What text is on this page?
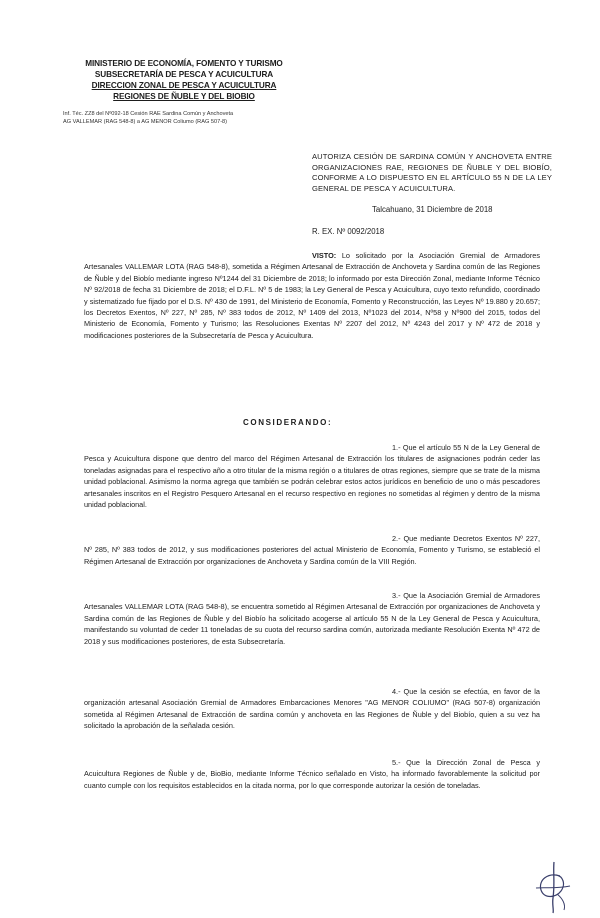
MINISTERIO DE ECONOMÍA, FOMENTO Y TURISMO
SUBSECRETARÍA DE PESCA Y ACUICULTURA
DIRECCION ZONAL DE PESCA Y ACUICULTURA
REGIONES DE ÑUBLE Y DEL BIOBIO
Inf. Téc. ZZ8 del Nº092-18 Cesión RAE Sardina Común y Anchoveta
AG VALLEMAR (RAG 548-8) a AG MENOR Coliumo (RAG 507-8)
AUTORIZA CESIÓN DE SARDINA COMÚN Y ANCHOVETA ENTRE ORGANIZACIONES RAE, REGIONES DE ÑUBLE Y DEL BIOBÍO, CONFORME A LO DISPUESTO EN EL ARTÍCULO 55 N DE LA LEY GENERAL DE PESCA Y ACUICULTURA.
Talcahuano, 31 Diciembre de 2018
R. EX. Nº 0092/2018
VISTO: Lo solicitado por la Asociación Gremial de Armadores Artesanales VALLEMAR LOTA (RAG 548-8), sometida a Régimen Artesanal de Extracción de Anchoveta y Sardina común de las Regiones de Ñuble y del Biobío mediante ingreso Nº1244 del 31 Diciembre de 2018; lo informado por esta Dirección Zonal, mediante Informe Técnico Nº 92/2018 de fecha 31 Diciembre de 2018; el D.F.L. Nº 5 de 1983; la Ley General de Pesca y Acuicultura, cuyo texto refundido, coordinado y sistematizado fue fijado por el D.S. Nº 430 de 1991, del Ministerio de Economía, Fomento y Reconstrucción, las Leyes Nº 19.880 y 20.657; los Decretos Exentos, Nº 227, Nº 285, Nº 383 todos de 2012, Nº 1409 del 2013, Nº1023 del 2014, Nº58 y Nº900 del 2015, todos del Ministerio de Economía, Fomento y Turismo; las Resoluciones Exentas Nº 2207 del 2012, Nº 4243 del 2017 y Nº 472 de 2018 y modificaciones posteriores de la Subsecretaría de Pesca y Acuicultura.
CONSIDERANDO:
1.- Que el artículo 55 N de la Ley General de Pesca y Acuicultura dispone que dentro del marco del Régimen Artesanal de Extracción los titulares de asignaciones podrán ceder las toneladas asignadas para el respectivo año a otro titular de la misma región o a titulares de otras regiones, siempre que se trate de la misma unidad poblacional. Asimismo la norma agrega que también se podrán celebrar estos actos jurídicos en beneficio de uno o más pescadores artesanales inscritos en el Registro Pesquero Artesanal en el recurso respectivo en regiones no sometidas al régimen y dentro de la misma unidad poblacional.
2.- Que mediante Decretos Exentos Nº 227, Nº 285, Nº 383 todos de 2012, y sus modificaciones posteriores del actual Ministerio de Economía, Fomento y Turismo, se estableció el Régimen Artesanal de Extracción por organizaciones de Anchoveta y Sardina común de la VIII Región.
3.- Que la Asociación Gremial de Armadores Artesanales VALLEMAR LOTA (RAG 548-8), se encuentra sometido al Régimen Artesanal de Extracción por organizaciones de Anchoveta y Sardina común de las Regiones de Ñuble y del Biobío ha solicitado acogerse al artículo 55 N de la Ley General de Pesca y Acuicultura, manifestando su voluntad de ceder 11 toneladas de su cuota del recurso sardina común, autorizada mediante Resolución Exenta Nº 472 de 2018 y sus modificaciones posteriores, de esta Subsecretaría.
4.- Que la cesión se efectúa, en favor de la organización artesanal Asociación Gremial de Armadores Embarcaciones Menores "AG MENOR COLIUMO" (RAG 507-8) organización sometida al Régimen Artesanal de Extracción de sardina común y anchoveta en las Regiones de Ñuble y del Biobío, quien a su vez ha solicitado la aprobación de la señalada cesión.
5.- Que la Dirección Zonal de Pesca y Acuicultura Regiones de Ñuble y de, BioBio, mediante Informe Técnico señalado en Visto, ha informado favorablemente la solicitud por cuanto cumple con los requisitos establecidos en la citada norma, por lo que corresponde autorizar la cesión de toneladas.
